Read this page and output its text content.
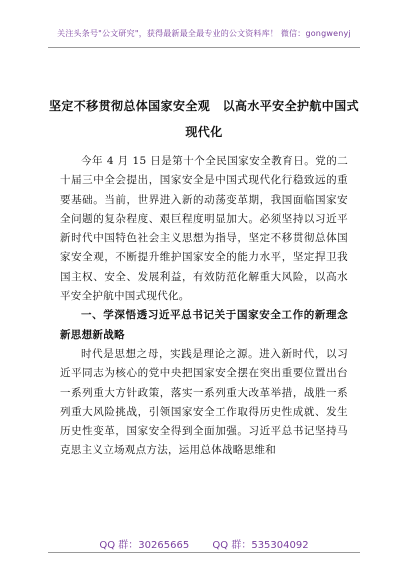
关注头条号"公文研究"，获得最新最全最专业的公文资料库！ 微信：gongwenyj
坚定不移贯彻总体国家安全观　以高水平安全护航中国式
现代化
今年 4 月 15 日是第十个全民国家安全教育日。党的二十届三中全会提出，国家安全是中国式现代化行稳致远的重要基础。当前，世界进入新的动荡变革期，我国面临国家安全问题的复杂程度、艰巨程度明显加大。必须坚持以习近平新时代中国特色社会主义思想为指导，坚定不移贯彻总体国家安全观，不断提升维护国家安全的能力水平，坚定捍卫我国主权、安全、发展利益，有效防范化解重大风险，以高水平安全护航中国式现代化。
一、学深悟透习近平总书记关于国家安全工作的新理念新思想新战略
时代是思想之母，实践是理论之源。进入新时代，以习近平同志为核心的党中央把国家安全摆在突出重要位置出台一系列重大方针政策，落实一系列重大改革举措，战胜一系列重大风险挑战，引领国家安全工作取得历史性成就、发生历史性变革，国家安全得到全面加强。习近平总书记坚持马克思主义立场观点方法，运用总体战略思维和
QQ 群：30265665 QQ 群：535304092
